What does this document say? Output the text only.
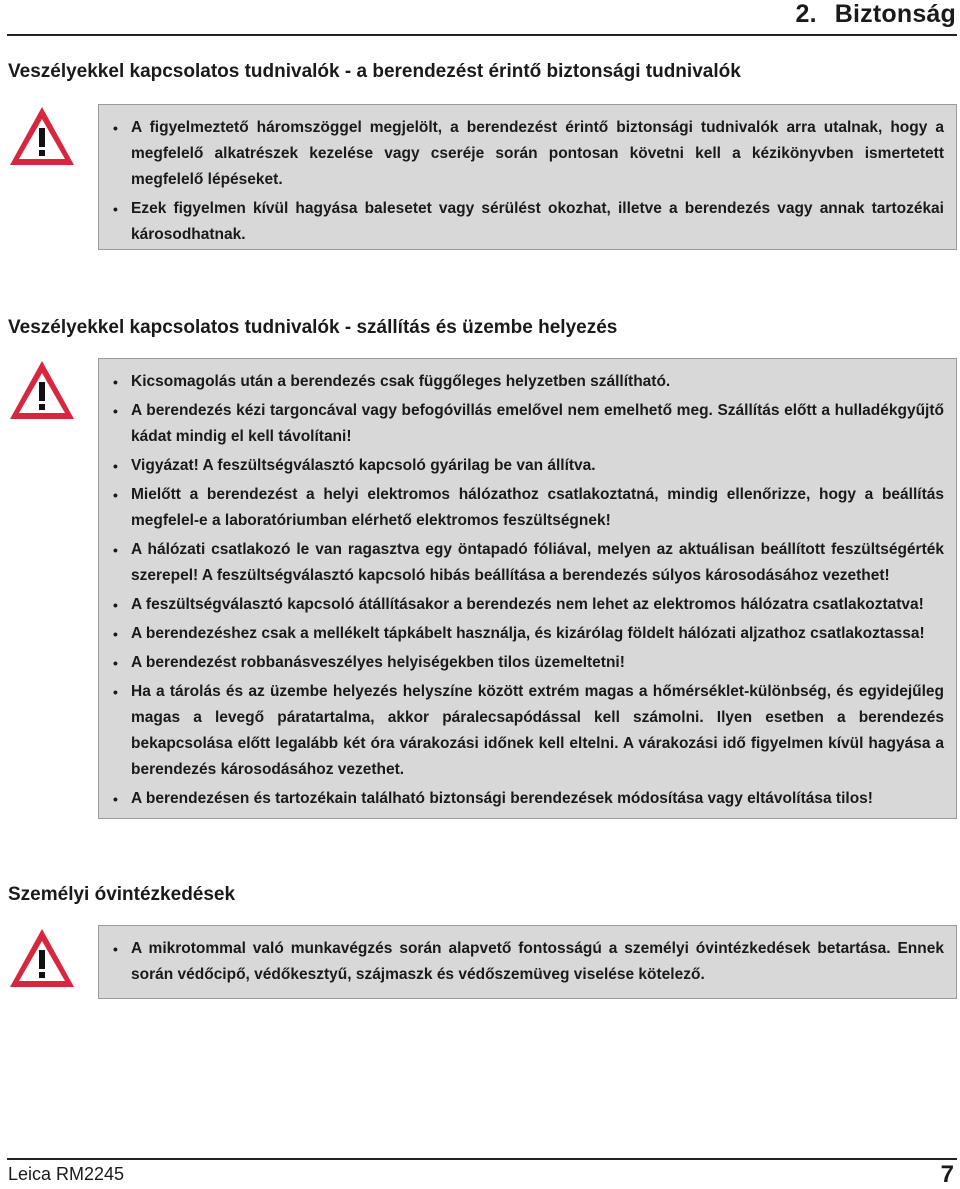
2. Biztonság
Veszélyekkel kapcsolatos tudnivalók - a berendezést érintő biztonsági tudnivalók
• A figyelmeztető háromszöggel megjelölt, a berendezést érintő biztonsági tudnivalók arra utalnak, hogy a megfelelő alkatrészek kezelése vagy cseréje során pontosan követni kell a kézikönyvben ismertetett megfelelő lépéseket.
• Ezek figyelmen kívül hagyása balesetet vagy sérülést okozhat, illetve a berendezés vagy annak tartozékai károsodhatnak.
Veszélyekkel kapcsolatos tudnivalók - szállítás és üzembe helyezés
• Kicsomagolás után a berendezés csak függőleges helyzetben szállítható.
• A berendezés kézi targoncával vagy befogóvillás emelővel nem emelhető meg. Szállítás előtt a hulladékgyűjtő kádat mindig el kell távolítani!
• Vigyázat! A feszültségválasztó kapcsoló gyárilag be van állítva.
• Mielőtt a berendezést a helyi elektromos hálózathoz csatlakoztatná, mindig ellenőrizze, hogy a beállítás megfelel-e a laboratóriumban elérhető elektromos feszültségnek!
• A hálózati csatlakozó le van ragasztva egy öntapadó fóliával, melyen az aktuálisan beállított feszültségérték szerepel! A feszültségválasztó kapcsoló hibás beállítása a berendezés súlyos károsodásához vezethet!
• A feszültségválasztó kapcsoló átállításakor a berendezés nem lehet az elektromos hálózatra csatlakoztatva!
• A berendezéshez csak a mellékelt tápkábelt használja, és kizárólag földelt hálózati aljzathoz csatlakoztassa!
• A berendezést robbanásveszélyes helyiségekben tilos üzemeltetni!
• Ha a tárolás és az üzembe helyezés helyszíne között extrém magas a hőmérséklet-különbség, és egyidejűleg magas a levegő páratartalma, akkor páralecsapódással kell számolni. Ilyen esetben a berendezés bekapcsolása előtt legalább két óra várakozási időnek kell eltelni. A várakozási idő figyelmen kívül hagyása a berendezés károsodásához vezethet.
• A berendezésen és tartozékain található biztonsági berendezések módosítása vagy eltávolítása tilos!
Személyi óvintézkedések
• A mikrotommal való munkavégzés során alapvető fontosságú a személyi óvintézkedések betartása. Ennek során védőcipő, védőkesztyű, szájmaszk és védőszemüveg viselése kötelező.
Leica RM2245	7
